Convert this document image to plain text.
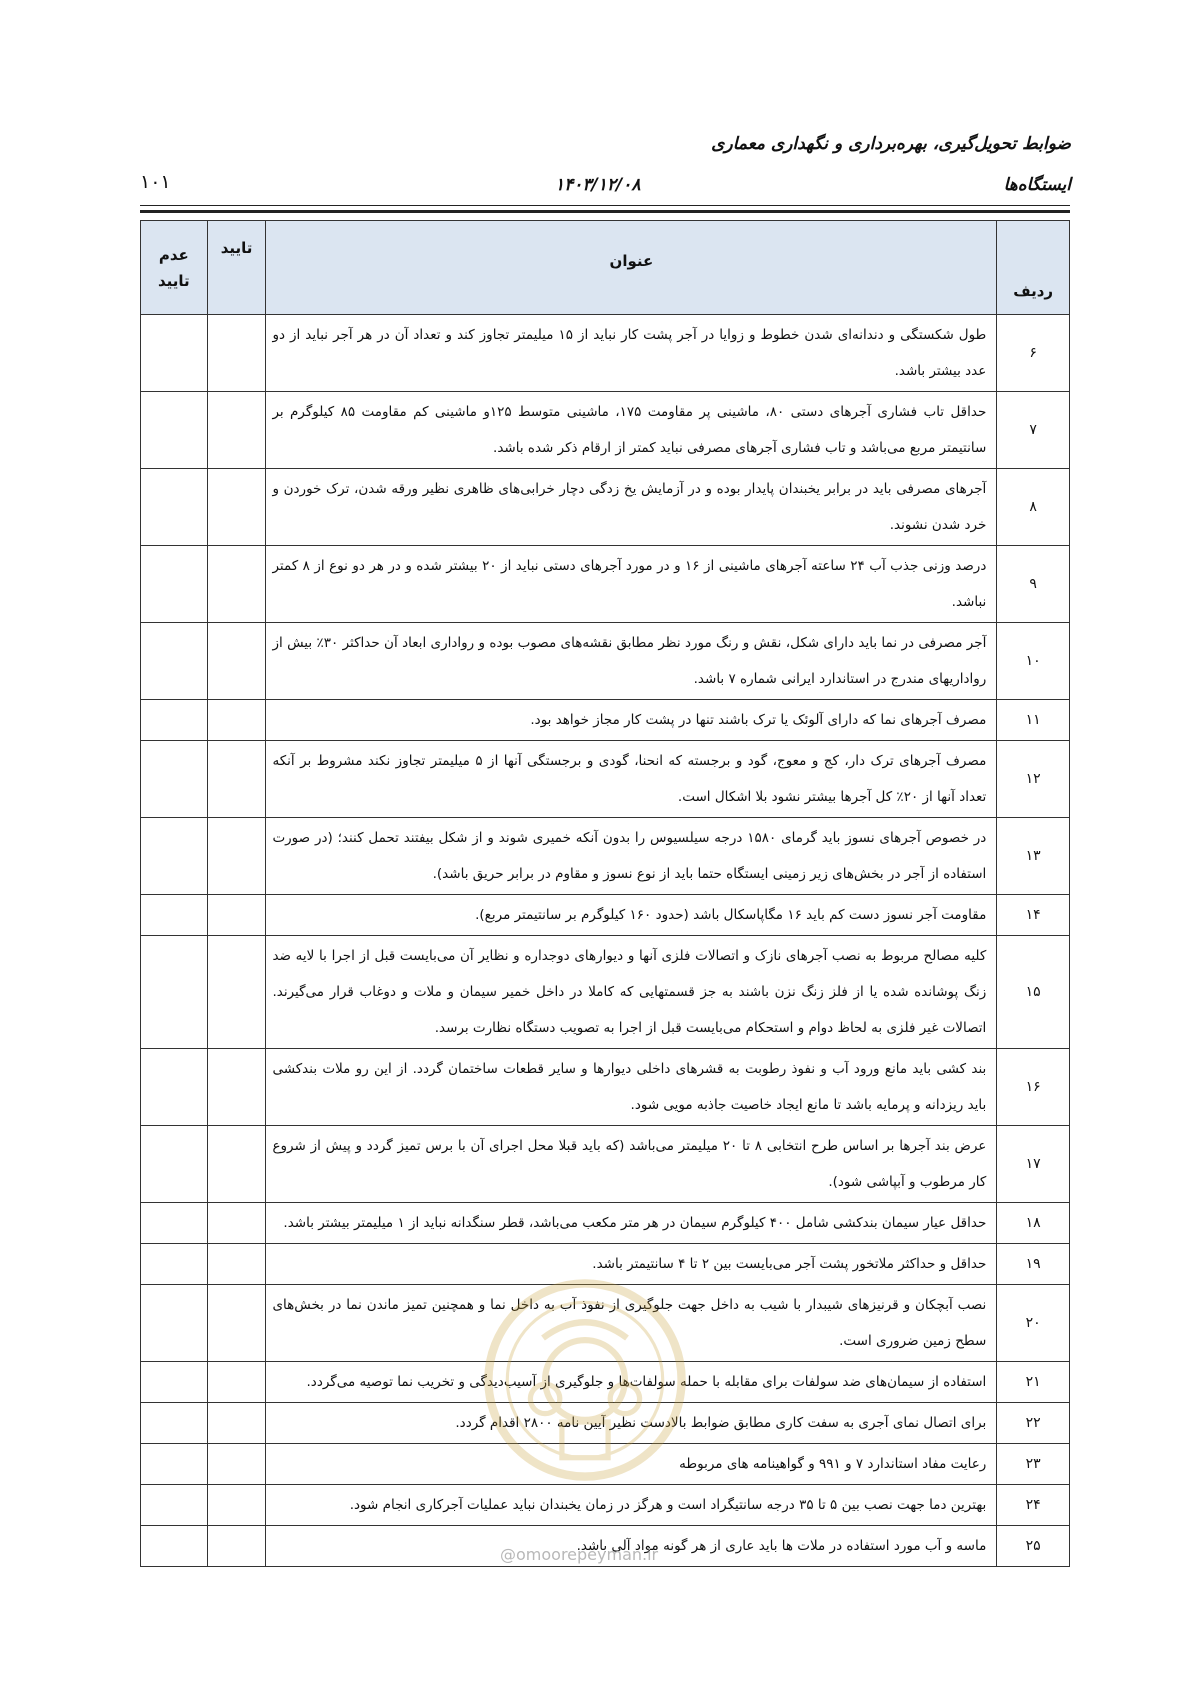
ضوابط تحویل‌گیری، بهره‌برداری و نگهداری معماری
ایستگاه‌ها
۱۴۰۳/۱۲/۰۸
۱۰۱
ردیف	عنوان	تایید	عدم تایید
۶	طول شکستگی و دندانه‌ای شدن خطوط و زوایا در آجر پشت کار نباید از ۱۵ میلیمتر تجاوز کند و تعداد آن در هر آجر نباید از دو عدد بیشتر باشد.		
۷	حداقل تاب فشاری آجرهای دستی ۸۰، ماشینی پر مقاومت ۱۷۵، ماشینی متوسط ۱۲۵و ماشینی کم مقاومت ۸۵ کیلوگرم بر سانتیمتر مربع می‌باشد و تاب فشاری آجرهای مصرفی نباید کمتر از ارقام ذکر شده باشد.		
۸	آجرهای مصرفی باید در برابر یخبندان پایدار بوده و در آزمایش یخ زدگی دچار خرابی‌های ظاهری نظیر ورقه شدن، ترک خوردن و خرد شدن نشوند.		
۹	درصد وزنی جذب آب ۲۴ ساعته آجرهای ماشینی از ۱۶ و در مورد آجرهای دستی نباید از ۲۰ بیشتر شده و در هر دو نوع از ۸ کمتر نباشد.		
۱۰	آجر مصرفی در نما باید دارای شکل، نقش و رنگ مورد نظر مطابق نقشه‌های مصوب بوده و رواداری ابعاد آن حداکثر ۳۰٪ بیش از رواداریهای مندرج در استاندارد ایرانی شماره ۷ باشد.		
۱۱	مصرف آجرهای نما که دارای آلوئک یا ترک باشند تنها در پشت کار مجاز خواهد بود.		
۱۲	مصرف آجرهای ترک دار، کج و معوج، گود و برجسته که انحنا، گودی و برجستگی آنها از ۵ میلیمتر تجاوز نکند مشروط بر آنکه تعداد آنها از ۲۰٪ کل آجرها بیشتر نشود بلا اشکال است.		
۱۳	در خصوص آجرهای نسوز باید گرمای ۱۵۸۰ درجه سیلسیوس را بدون آنکه خمیری شوند و از شکل بیفتند تحمل کنند؛ (در صورت استفاده از آجر در بخش‌های زیر زمینی ایستگاه حتما باید از نوع نسوز و مقاوم در برابر حریق باشد).		
۱۴	مقاومت آجر نسوز دست کم باید ۱۶ مگاپاسکال باشد (حدود ۱۶۰ کیلوگرم بر سانتیمتر مربع).		
۱۵	کلیه مصالح مربوط به نصب آجرهای نازک و اتصالات فلزی آنها و دیوارهای دوجداره و نظایر آن می‌بایست قبل از اجرا با لایه ضد زنگ پوشانده شده یا از فلز زنگ نزن باشند به جز قسمتهایی که کاملا در داخل خمیر سیمان و ملات و دوغاب قرار می‌گیرند. اتصالات غیر فلزی به لحاظ دوام و استحکام می‌بایست قبل از اجرا به تصویب دستگاه نظارت برسد.		
۱۶	بند کشی باید مانع ورود آب و نفوذ رطوبت به قشرهای داخلی دیوارها و سایر قطعات ساختمان گردد. از این رو ملات بندکشی باید ریزدانه و پرمایه باشد تا مانع ایجاد خاصیت جاذبه مویی شود.		
۱۷	عرض بند آجرها بر اساس طرح انتخابی ۸ تا ۲۰ میلیمتر می‌باشد (که باید قبلا محل اجرای آن با برس تمیز گردد و پیش از شروع کار مرطوب و آبپاشی شود).		
۱۸	حداقل عیار سیمان بندکشی شامل ۴۰۰ کیلوگرم سیمان در هر متر مکعب می‌باشد، قطر سنگدانه نباید از ۱ میلیمتر بیشتر باشد.		
۱۹	حداقل و حداکثر ملاتخور پشت آجر می‌بایست بین ۲ تا ۴ سانتیمتر باشد.		
۲۰	نصب آبچکان و قرنیزهای شیبدار با شیب به داخل جهت جلوگیری از نفوذ آب به داخل نما و همچنین تمیز ماندن نما در بخش‌های سطح زمین ضروری است.		
۲۱	استفاده از سیمان‌های ضد سولفات برای مقابله با حمله سولفات‌ها و جلوگیری از آسیب‌دیدگی و تخریب نما توصیه می‌گردد.		
۲۲	برای اتصال نمای آجری به سفت کاری مطابق ضوابط بالادست نظیر آیین نامه ۲۸۰۰ اقدام گردد.		
۲۳	رعایت مفاد استاندارد ۷ و ۹۹۱ و گواهینامه های مربوطه		
۲۴	بهترین دما جهت نصب بین ۵ تا ۳۵ درجه سانتیگراد است و هرگز در زمان یخبندان نباید عملیات آجرکاری انجام شود.		
۲۵	ماسه و آب مورد استفاده در ملات ها باید عاری از هر گونه مواد آلی باشد.		
@omoorepeyman.ir
